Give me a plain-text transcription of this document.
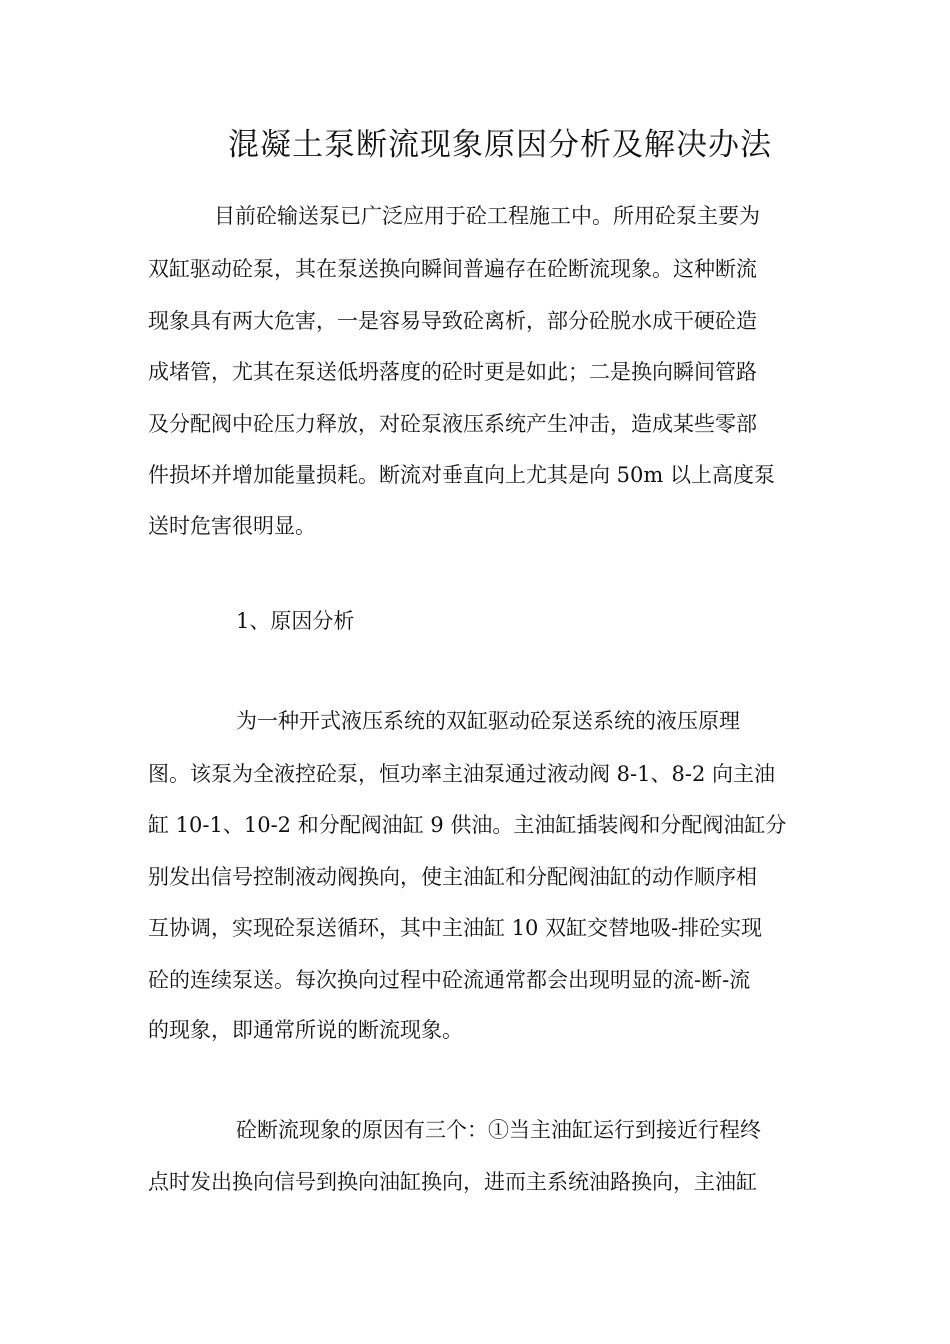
混凝土泵断流现象原因分析及解决办法
目前砼输送泵已广泛应用于砼工程施工中。所用砼泵主要为
双缸驱动砼泵，其在泵送换向瞬间普遍存在砼断流现象。这种断流
现象具有两大危害，一是容易导致砼离析，部分砼脱水成干硬砼造
成堵管，尤其在泵送低坍落度的砼时更是如此；二是换向瞬间管路
及分配阀中砼压力释放，对砼泵液压系统产生冲击，造成某些零部
件损坏并增加能量损耗。断流对垂直向上尤其是向 50m 以上高度泵
送时危害很明显。
1、原因分析
为一种开式液压系统的双缸驱动砼泵送系统的液压原理
图。该泵为全液控砼泵，恒功率主油泵通过液动阀 8-1、8-2 向主油
缸 10-1、10-2 和分配阀油缸 9 供油。主油缸插装阀和分配阀油缸分
别发出信号控制液动阀换向，使主油缸和分配阀油缸的动作顺序相
互协调，实现砼泵送循环，其中主油缸 10 双缸交替地吸-排砼实现
砼的连续泵送。每次换向过程中砼流通常都会出现明显的流-断-流
的现象，即通常所说的断流现象。
砼断流现象的原因有三个：①当主油缸运行到接近行程终
点时发出换向信号到换向油缸换向，进而主系统油路换向，主油缸
